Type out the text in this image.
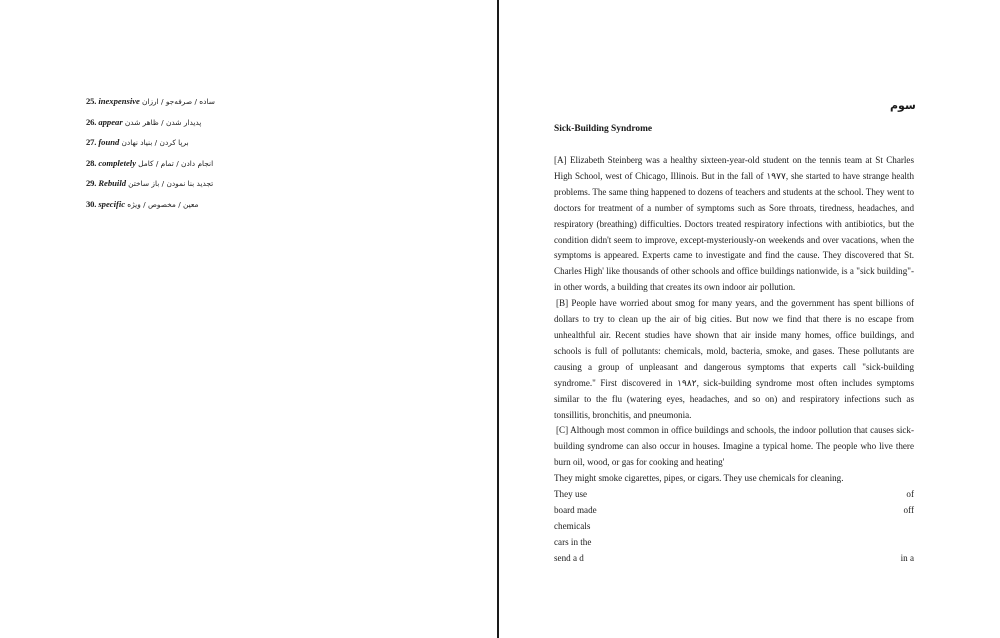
25. inexpensive ساده / صرفه‌جو / ارزان
26. appear پدیدار شدن / ظاهر شدن
27. found برپا کردن / بنیاد نهادن
28. completely انجام دادن / تمام / کامل
29. Rebuild تجدید بنا نمودن / باز ساختن
30. specific معین / مخصوص / ویژه
سوم
Sick-Building Syndrome

[A] Elizabeth Steinberg was a healthy sixteen-year-old student on the tennis team at St Charles High School, west of Chicago, Illinois. But in the fall of ۱۹۷۷, she started to have strange health problems. The same thing happened to dozens of teachers and students at the school. They went to doctors for treatment of a number of symptoms such as Sore throats, tiredness, headaches, and respiratory (breathing) difficulties. Doctors treated respiratory infections with antibiotics, but the condition didn't seem to improve, except-mysteriously-on weekends and over vacations, when the symptoms is appeared. Experts came to investigate and find the cause. They discovered that St. Charles High' like thousands of other schools and office buildings nationwide, is a "sick building"-in other words, a building that creates its own indoor air pollution.

[B] People have worried about smog for many years, and the government has spent billions of dollars to try to clean up the air of big cities. But now we find that there is no escape from unhealthful air. Recent studies have shown that air inside many homes, office buildings, and schools is full of pollutants: chemicals, mold, bacteria, smoke, and gases. These pollutants are causing a group of unpleasant and dangerous symptoms that experts call "sick-building syndrome." First discovered in ۱۹۸۲, sick-building syndrome most often includes symptoms similar to the flu (watering eyes, headaches, and so on) and respiratory infections such as tonsillitis, bronchitis, and pneumonia.

[C] Although most common in office buildings and schools, the indoor pollution that causes sick-building syndrome can also occur in houses. Imagine a typical home. The people who live there burn oil, wood, or gas for cooking and heating'

They might smoke cigarettes, pipes, or cigars. They use chemicals for cleaning.

They use	of
board made	off
chemicals
cars in the
send a d	in a
